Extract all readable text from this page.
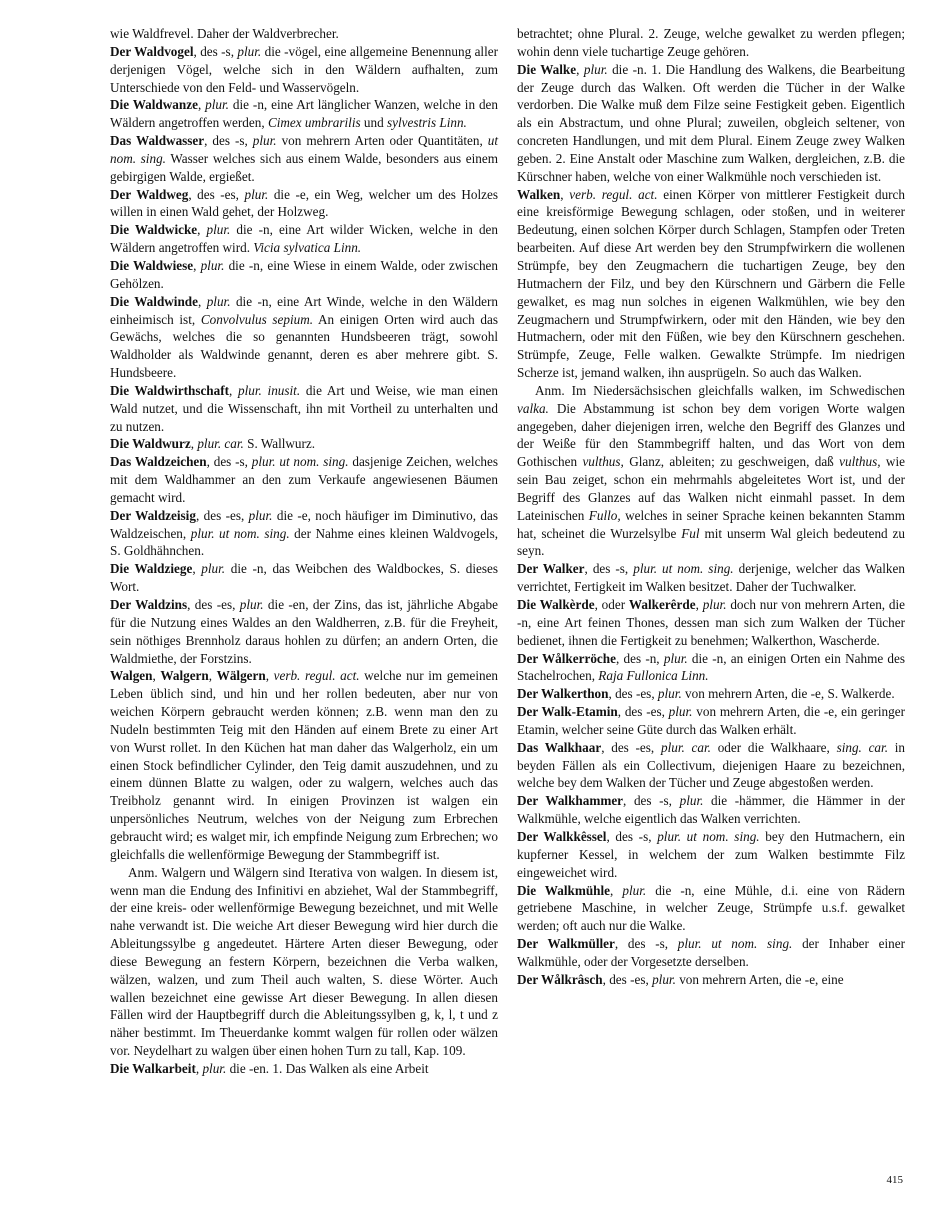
wie Waldfrevel. Daher der Waldverbrecher.

Der Waldvogel, des -s, plur. die -vögel, eine allgemeine Benennung aller derjenigen Vögel, welche sich in den Wäldern aufhalten, zum Unterschiede von den Feld- und Wasservögeln.

Die Waldwanze, plur. die -n, eine Art länglicher Wanzen, welche in den Wäldern angetroffen werden, Cimex umbrarilis und sylvestris Linn.

Das Waldwasser, des -s, plur. von mehrern Arten oder Quantitäten, ut nom. sing. Wasser welches sich aus einem Walde, besonders aus einem gebirgigen Walde, ergießet.

Der Waldweg, des -es, plur. die -e, ein Weg, welcher um des Holzes willen in einen Wald gehet, der Holzweg.

Die Waldwicke, plur. die -n, eine Art wilder Wicken, welche in den Wäldern angetroffen wird. Vicia sylvatica Linn.

Die Waldwiese, plur. die -n, eine Wiese in einem Walde, oder zwischen Gehölzen.

Die Waldwinde, plur. die -n, eine Art Winde, welche in den Wäldern einheimisch ist, Convolvulus sepium. An einigen Orten wird auch das Gewächs, welches die so genannten Hundsbeeren trägt, sowohl Waldholder als Waldwinde genannt, deren es aber mehrere gibt. S. Hundsbeere.

Die Waldwirthschaft, plur. inusit. die Art und Weise, wie man einen Wald nutzet, und die Wissenschaft, ihn mit Vortheil zu unterhalten und zu nutzen.

Die Waldwurz, plur. car. S. Wallwurz.

Das Waldzeichen, des -s, plur. ut nom. sing. dasjenige Zeichen, welches mit dem Waldhammer an den zum Verkaufe angewiesenen Bäumen gemacht wird.

Der Waldzeisig, des -es, plur. die -e, noch häufiger im Diminutivo, das Waldzeischen, plur. ut nom. sing. der Nahme eines kleinen Waldvogels, S. Goldhähnchen.

Die Waldziege, plur. die -n, das Weibchen des Waldbockes, S. dieses Wort.

Der Waldzins, des -es, plur. die -en, der Zins, das ist, jährliche Abgabe für die Nutzung eines Waldes an den Waldherren, z.B. für die Freyheit, sein nöthiges Brennholz daraus hohlen zu dürfen; an andern Orten, die Waldmiethe, der Forstzins.

Walgen, Walgern, Wälgern, verb. regul. act. welche nur im gemeinen Leben üblich sind, und hin und her rollen bedeuten, aber nur von weichen Körpern gebraucht werden können; z.B. wenn man den zu Nudeln bestimmten Teig mit den Händen auf einem Brete zu einer Art von Wurst rollet. In den Küchen hat man daher das Walgerholz, ein um einen Stock befindlicher Cylinder, den Teig damit auszudehnen, und zu einem dünnen Blatte zu walgen, oder zu walgern, welches auch das Treibholz genannt wird. In einigen Provinzen ist walgen ein unpersönliches Neutrum, welches von der Neigung zum Erbrechen gebraucht wird; es walget mir, ich empfinde Neigung zum Erbrechen; wo gleichfalls die wellenförmige Bewegung der Stammbegriff ist.

Anm. Walgern und Wälgern sind Iterativa von walgen. In diesem ist, wenn man die Endung des Infinitivi en abziehet, Wal der Stammbegriff, der eine kreis- oder wellenförmige Bewegung bezeichnet, und mit Welle nahe verwandt ist. Die weiche Art dieser Bewegung wird hier durch die Ableitungssylbe g angedeutet. Härtere Arten dieser Bewegung, oder diese Bewegung an festern Körpern, bezeichnen die Verba walken, wälzen, walzen, und zum Theil auch walten, S. diese Wörter. Auch wallen bezeichnet eine gewisse Art dieser Bewegung. In allen diesen Fällen wird der Hauptbegriff durch die Ableitungssylben g, k, l, t und z näher bestimmt. Im Theuerdanke kommt walgen für rollen oder wälzen vor. Neydelhart zu walgen über einen hohen Turn zu tall, Kap. 109.

Die Walkarbeit, plur. die -en. 1. Das Walken als eine Arbeit

betrachtet; ohne Plural. 2. Zeuge, welche gewalket zu werden pflegen; wohin denn viele tuchartige Zeuge gehören.

Die Walke, plur. die -n. 1. Die Handlung des Walkens, die Bearbeitung der Zeuge durch das Walken. Oft werden die Tücher in der Walke verdorben. Die Walke muß dem Filze seine Festigkeit geben. Eigentlich als ein Abstractum, und ohne Plural; zuweilen, obgleich seltener, von concreten Handlungen, und mit dem Plural. Einem Zeuge zwey Walken geben. 2. Eine Anstalt oder Maschine zum Walken, dergleichen, z.B. die Kürschner haben, welche von einer Walkmühle noch verschieden ist.

Walken, verb. regul. act. einen Körper von mittlerer Festigkeit durch eine kreisförmige Bewegung schlagen, oder stoßen, und in weiterer Bedeutung, einen solchen Körper durch Schlagen, Stampfen oder Treten bearbeiten. Auf diese Art werden bey den Strumpfwirkern die wollenen Strümpfe, bey den Zeugmachern die tuchartigen Zeuge, bey den Hutmachern der Filz, und bey den Kürschnern und Gärbern die Felle gewalket, es mag nun solches in eigenen Walkmühlen, wie bey den Zeugmachern und Strumpfwirkern, oder mit den Händen, wie bey den Hutmachern, oder mit den Füßen, wie bey den Kürschnern geschehen. Strümpfe, Zeuge, Felle walken. Gewalkte Strümpfe. Im niedrigen Scherze ist, jemand walken, ihn ausprügeln. So auch das Walken.

Anm. Im Niedersächsischen gleichfalls walken, im Schwedischen valka. Die Abstammung ist schon bey dem vorigen Worte walgen angegeben, daher diejenigen irren, welche den Begriff des Glanzes und der Weiße für den Stammbegriff halten, und das Wort von dem Gothischen vulthus, Glanz, ableiten; zu geschweigen, daß vulthus, wie sein Bau zeiget, schon ein mehrmahls abgeleitetes Wort ist, und der Begriff des Glanzes auf das Walken nicht einmahl passet. In dem Lateinischen Fullo, welches in seiner Sprache keinen bekannten Stamm hat, scheinet die Wurzelsylbe Ful mit unserm Wal gleich bedeutend zu seyn.

Der Walker, des -s, plur. ut nom. sing. derjenige, welcher das Walken verrichtet, Fertigkeit im Walken besitzet. Daher der Tuchwalker.

Die Walkèrde, oder Walkerêrde, plur. doch nur von mehrern Arten, die -n, eine Art feinen Thones, dessen man sich zum Walken der Tücher bedienet, ihnen die Fertigkeit zu benehmen; Walkerthon, Wascherde.

Der Wålkerröche, des -n, plur. die -n, an einigen Orten ein Nahme des Stachelrochen, Raja Fullonica Linn.

Der Walkerthon, des -es, plur. von mehrern Arten, die -e, S. Walkerde.

Der Walk-Etamin, des -es, plur. von mehrern Arten, die -e, ein geringer Etamin, welcher seine Güte durch das Walken erhält.

Das Walkhaar, des -es, plur. car. oder die Walkhaare, sing. car. in beyden Fällen als ein Collectivum, diejenigen Haare zu bezeichnen, welche bey dem Walken der Tücher und Zeuge abgestoßen werden.

Der Walkhammer, des -s, plur. die -hämmer, die Hämmer in der Walkmühle, welche eigentlich das Walken verrichten.

Der Walkkêssel, des -s, plur. ut nom. sing. bey den Hutmachern, ein kupferner Kessel, in welchem der zum Walken bestimmte Filz eingeweichet wird.

Die Walkmühle, plur. die -n, eine Mühle, d.i. eine von Rädern getriebene Maschine, in welcher Zeuge, Strümpfe u.s.f. gewalket werden; oft auch nur die Walke.

Der Walkmüller, des -s, plur. ut nom. sing. der Inhaber einer Walkmühle, oder der Vorgesetzte derselben.

Der Wålkrâsch, des -es, plur. von mehrern Arten, die -e, eine

415
